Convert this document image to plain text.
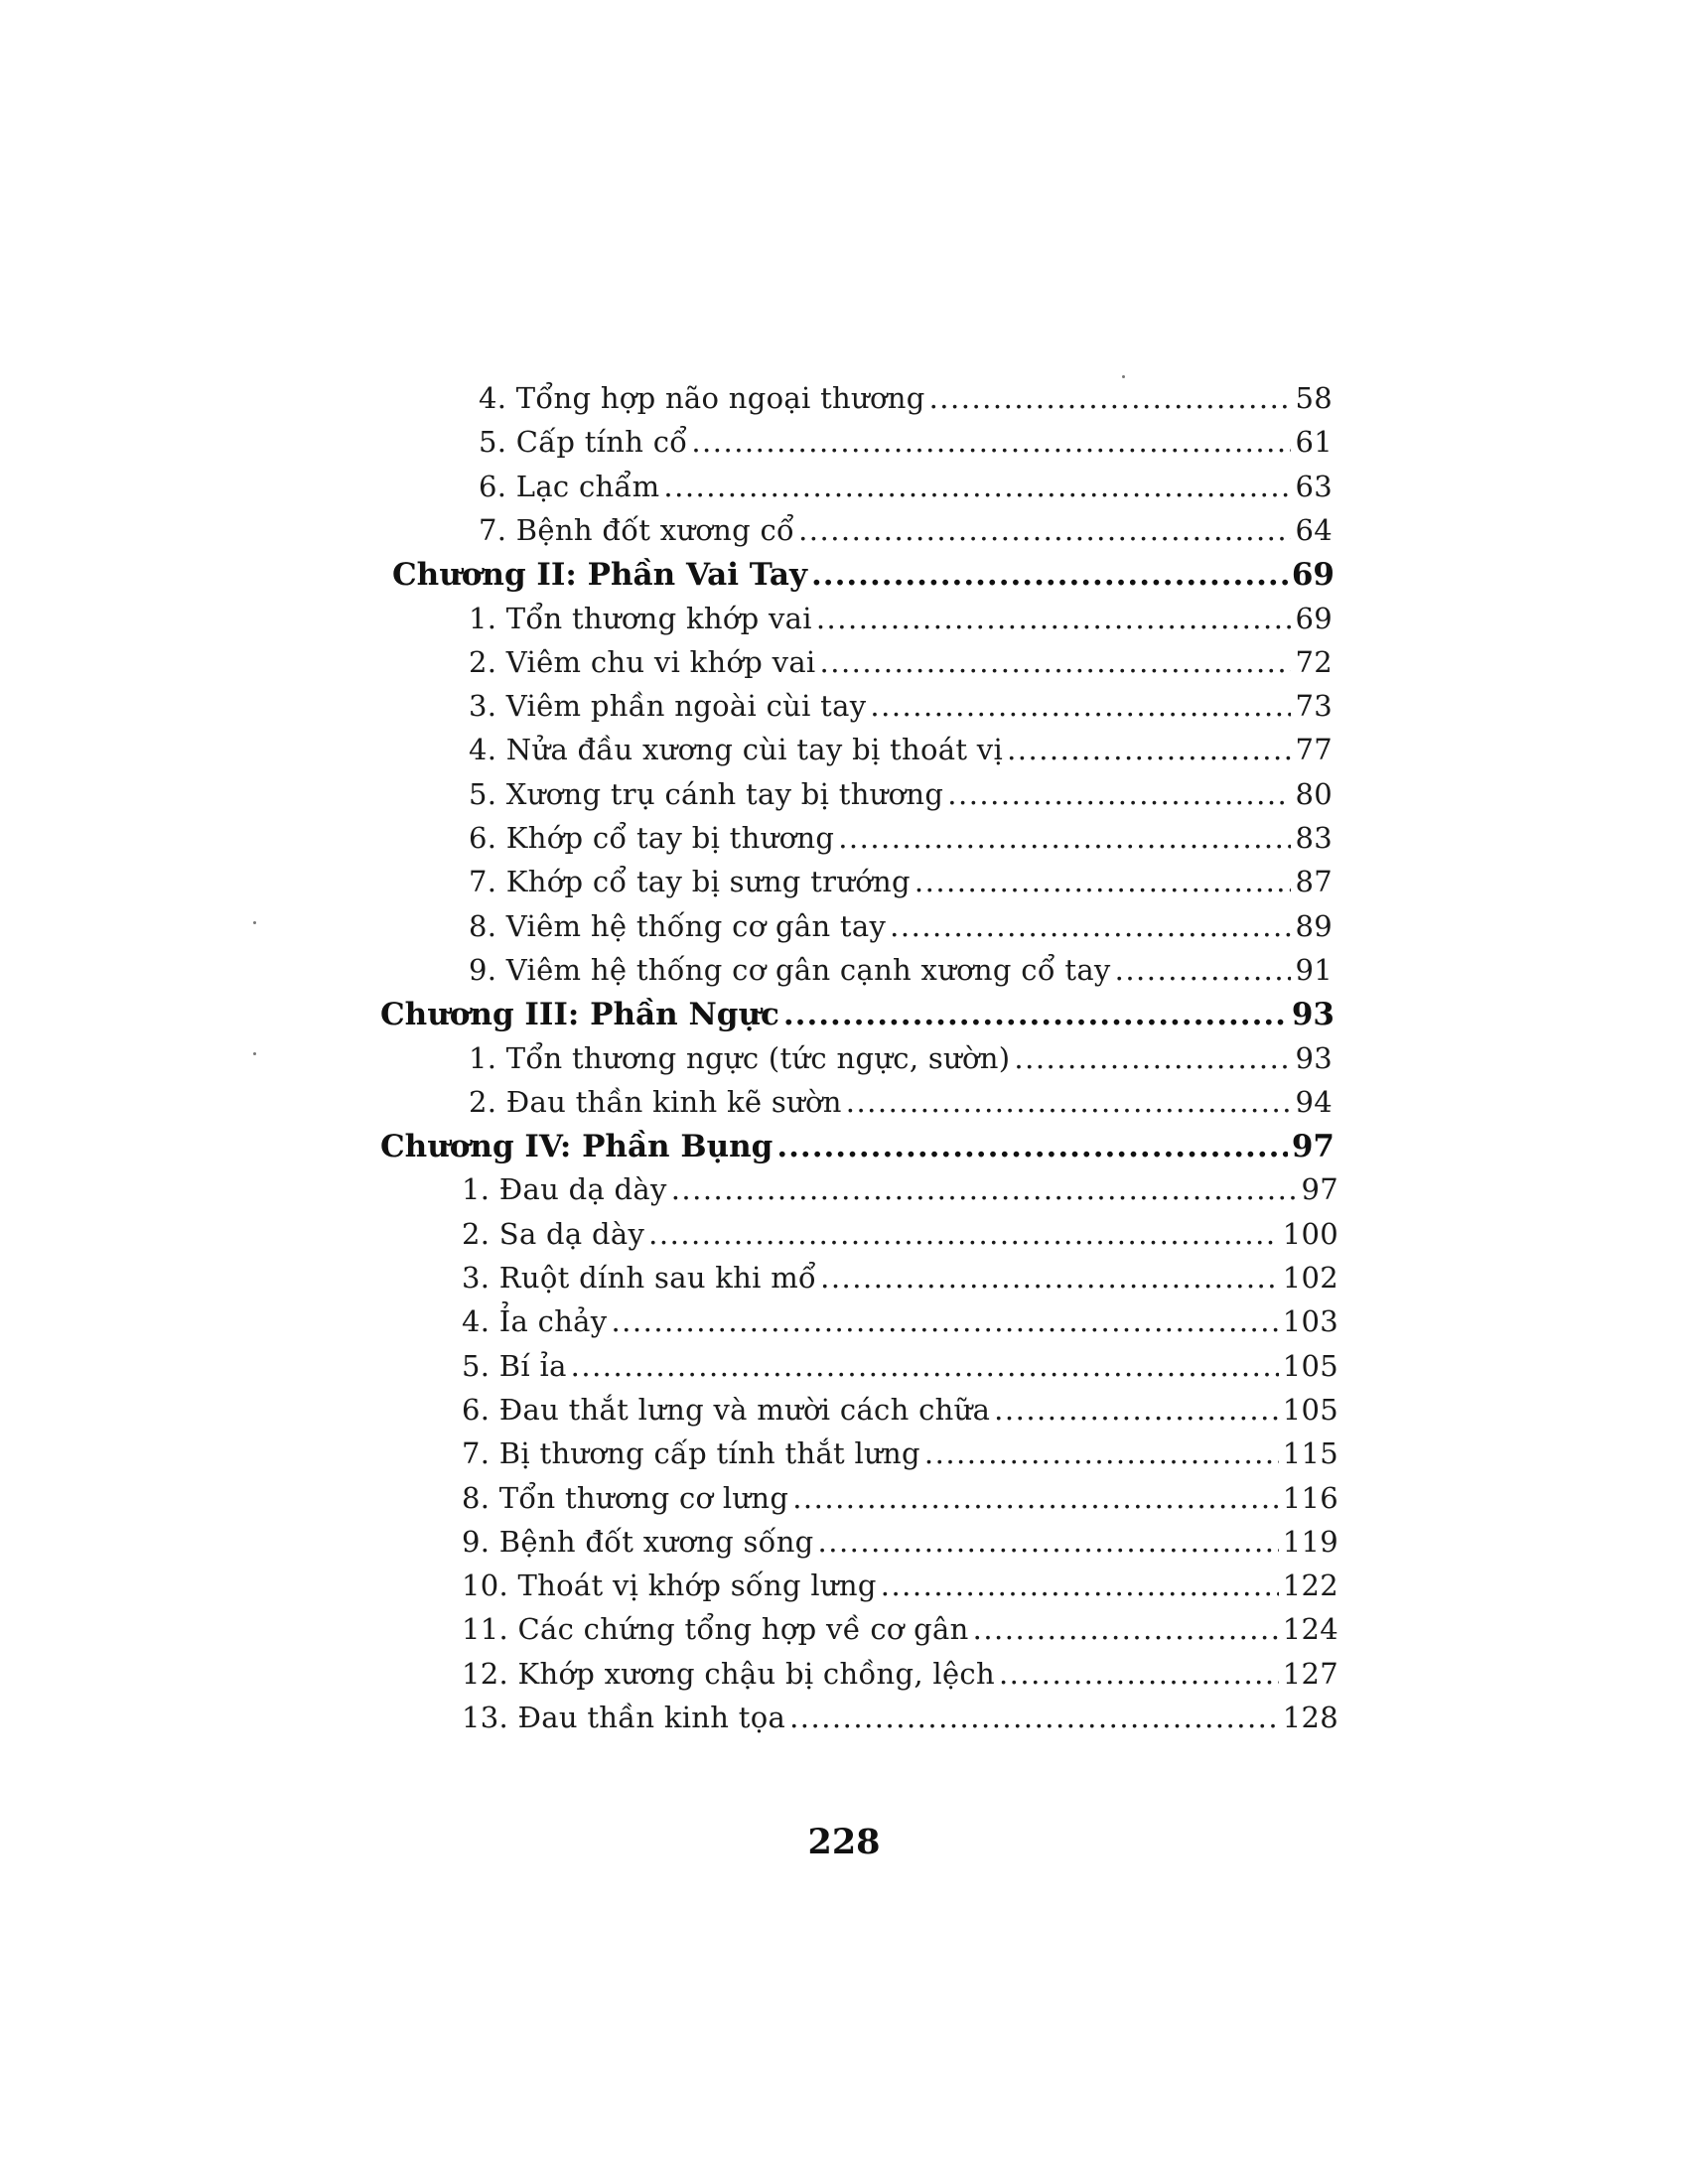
4. Tổng hợp não ngoại thương .....	58
5. Cấp tính cổ .....	61
6. Lạc chẩm .....	63
7. Bệnh đốt xương cổ .....	64
Chương II: Phần Vai Tay .....	69
1. Tổn thương khớp vai .....	69
2. Viêm chu vi khớp vai .....	72
3. Viêm phần ngoài cùi tay .....	73
4. Nửa đầu xương cùi tay bị thoát vị .....	77
5. Xương trụ cánh tay bị thương .....	80
6. Khớp cổ tay bị thương .....	83
7. Khớp cổ tay bị sưng trướng .....	87
8. Viêm hệ thống cơ gân tay .....	89
9. Viêm hệ thống cơ gân cạnh xương cổ tay .....	91
Chương III: Phần Ngực .....	93
1. Tổn thương ngực (tức ngực, sườn) .....	93
2. Đau thần kinh kẽ sườn .....	94
Chương IV: Phần Bụng .....	97
1. Đau dạ dày .....	97
2. Sa dạ dày .....	100
3. Ruột dính sau khi mổ .....	102
4. Ỉa chảy .....	103
5. Bí ỉa .....	105
6. Đau thắt lưng và mười cách chữa .....	105
7. Bị thương cấp tính thắt lưng .....	115
8. Tổn thương cơ lưng .....	116
9. Bệnh đốt xương sống .....	119
10. Thoát vị khớp sống lưng .....	122
11. Các chứng tổng hợp về cơ gân .....	124
12. Khớp xương chậu bị chồng, lệch .....	127
13. Đau thần kinh tọa .....	128
228
